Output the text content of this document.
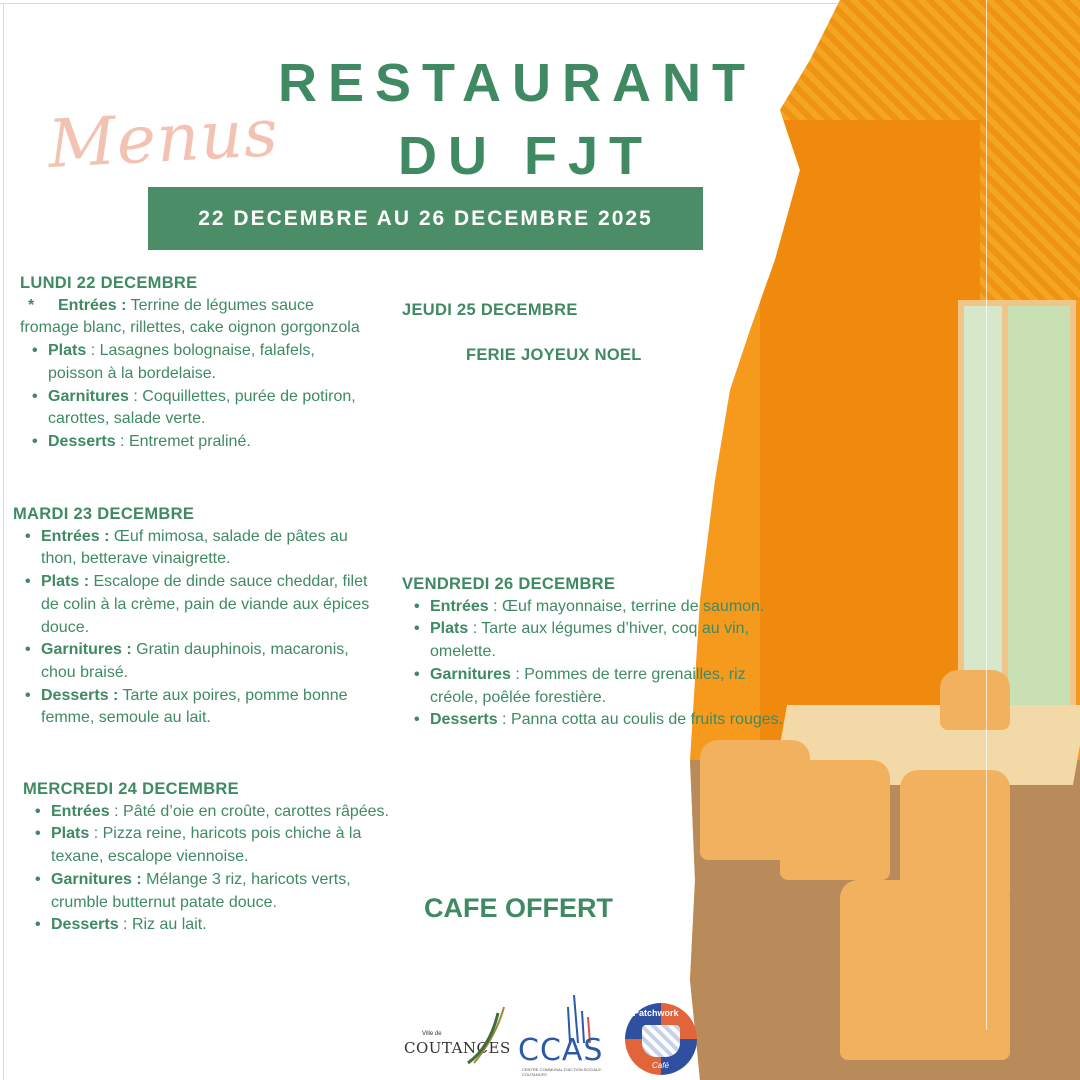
Menus
RESTAURANT
DU FJT
22 DECEMBRE AU 26 DECEMBRE 2025
LUNDI 22 DECEMBRE
* Entrées : Terrine de légumes sauce fromage blanc, rillettes, cake oignon gorgonzola
• Plats : Lasagnes bolognaise, falafels, poisson à la bordelaise.
• Garnitures : Coquillettes, purée de potiron, carottes, salade verte.
• Desserts : Entremet praliné.
MARDI 23 DECEMBRE
• Entrées : Œuf mimosa, salade de pâtes au thon, betterave vinaigrette.
• Plats : Escalope de dinde sauce cheddar, filet de colin à la crème, pain de viande aux épices douce.
• Garnitures : Gratin dauphinois, macaronis, chou braisé.
• Desserts : Tarte aux poires, pomme bonne femme, semoule au lait.
MERCREDI 24 DECEMBRE
• Entrées : Pâté d’oie en croûte, carottes râpées.
• Plats : Pizza reine, haricots pois chiche à la texane, escalope viennoise.
• Garnitures : Mélange 3 riz, haricots verts, crumble butternut patate douce.
• Desserts : Riz au lait.
JEUDI 25 DECEMBRE
FERIE JOYEUX NOEL
VENDREDI 26 DECEMBRE
• Entrées : Œuf mayonnaise, terrine de saumon.
• Plats : Tarte aux légumes d’hiver, coq au vin, omelette.
• Garnitures : Pommes de terre grenailles, riz créole, poêlée forestière.
• Desserts : Panna cotta au coulis de fruits rouges.
CAFE OFFERT
Ville de
COUTANCES CCAS
CENTRE COMMUNAL D'ACTION SOCIALE · COUTANCES
Patchwork
Café
